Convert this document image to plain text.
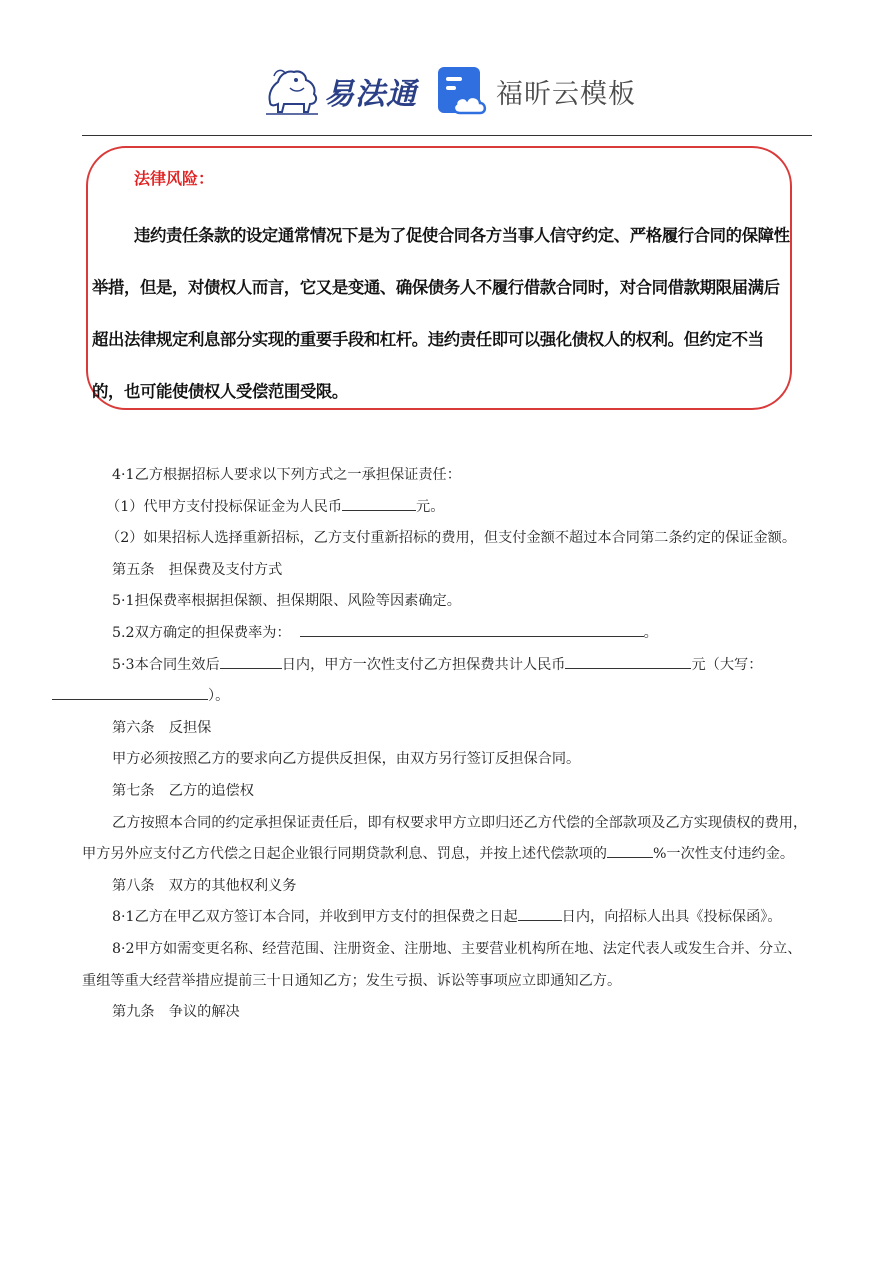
易法通	福昕云模板
法律风险：
违约责任条款的设定通常情况下是为了促使合同各方当事人信守约定、严格履行合同的保障性举措，但是，对债权人而言，它又是变通、确保债务人不履行借款合同时，对合同借款期限届满后超出法律规定利息部分实现的重要手段和杠杆。违约责任即可以强化债权人的权利。但约定不当的，也可能使债权人受偿范围受限。

4·1乙方根据招标人要求以下列方式之一承担保证责任：

（1）代甲方支付投标保证金为人民币	元。

（2）如果招标人选择重新招标，乙方支付重新招标的费用，但支付金额不超过本合同第二条约定的保证金额。

第五条　担保费及支付方式

5·1担保费率根据担保额、担保期限、风险等因素确定。

5.2双方确定的担保费率为：	。

5·3本合同生效后	日内，甲方一次性支付乙方担保费共计人民币	元（大写：
）。

第六条　反担保

甲方必须按照乙方的要求向乙方提供反担保，由双方另行签订反担保合同。

第七条　乙方的追偿权

乙方按照本合同的约定承担保证责任后，即有权要求甲方立即归还乙方代偿的全部款项及乙方实现债权的费用，甲方另外应支付乙方代偿之日起企业银行同期贷款利息、罚息，并按上述代偿款项的	%一次性支付违约金。

第八条　双方的其他权利义务

8·1乙方在甲乙双方签订本合同，并收到甲方支付的担保费之日起	日内，向招标人出具《投标保函》。

8·2甲方如需变更名称、经营范围、注册资金、注册地、主要营业机构所在地、法定代表人或发生合并、分立、重组等重大经营举措应提前三十日通知乙方；发生亏损、诉讼等事项应立即通知乙方。

第九条　争议的解决
